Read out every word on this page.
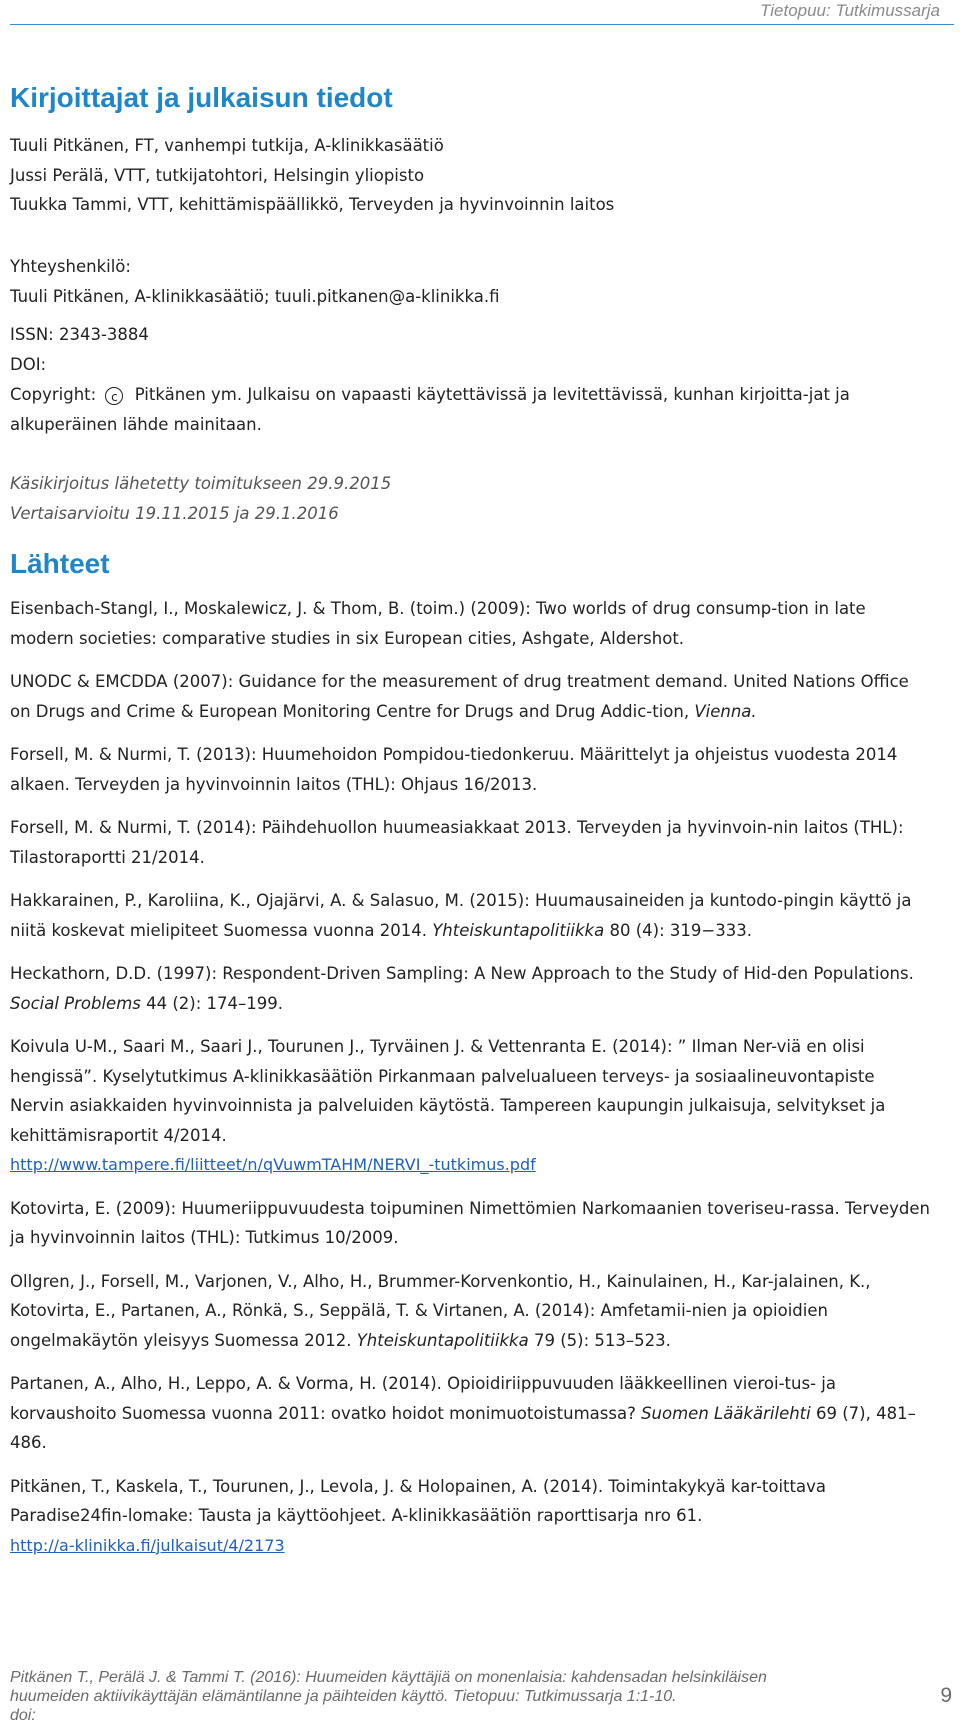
Tietopuu: Tutkimussarja
Kirjoittajat ja julkaisun tiedot
Tuuli Pitkänen, FT, vanhempi tutkija, A-klinikkasäätiö
Jussi Perälä, VTT, tutkijatohtori, Helsingin yliopisto
Tuukka Tammi, VTT, kehittämispäällikkö, Terveyden ja hyvinvoinnin laitos
Yhteyshenkilö:
Tuuli Pitkänen, A-klinikkasäätiö; tuuli.pitkanen@a-klinikka.fi
ISSN: 2343-3884
DOI:
Copyright: c Pitkänen ym. Julkaisu on vapaasti käytettävissä ja levitettävissä, kunhan kirjoitta-jat ja alkuperäinen lähde mainitaan.
Käsikirjoitus lähetetty toimitukseen 29.9.2015
Vertaisarvioitu 19.11.2015 ja 29.1.2016
Lähteet
Eisenbach-Stangl, I., Moskalewicz, J. & Thom, B. (toim.) (2009): Two worlds of drug consump-tion in late modern societies: comparative studies in six European cities, Ashgate, Aldershot.
UNODC & EMCDDA (2007): Guidance for the measurement of drug treatment demand. United Nations Office on Drugs and Crime & European Monitoring Centre for Drugs and Drug Addic-tion, Vienna.
Forsell, M. & Nurmi, T. (2013): Huumehoidon Pompidou-tiedonkeruu. Määrittelyt ja ohjeistus vuodesta 2014 alkaen. Terveyden ja hyvinvoinnin laitos (THL): Ohjaus 16/2013.
Forsell, M. & Nurmi, T. (2014): Päihdehuollon huumeasiakkaat 2013. Terveyden ja hyvinvoin-nin laitos (THL): Tilastoraportti 21/2014.
Hakkarainen, P., Karoliina, K., Ojajärvi, A. & Salasuo, M. (2015): Huumausaineiden ja kuntodo-pingin käyttö ja niitä koskevat mielipiteet Suomessa vuonna 2014. Yhteiskuntapolitiikka 80 (4): 319−333.
Heckathorn, D.D. (1997): Respondent-Driven Sampling: A New Approach to the Study of Hid-den Populations. Social Problems 44 (2): 174–199.
Koivula U-M., Saari M., Saari J., Tourunen J., Tyrväinen J. & Vettenranta E. (2014): ” Ilman Ner-viä en olisi hengissä”. Kyselytutkimus A-klinikkasäätiön Pirkanmaan palvelualueen terveys- ja sosiaalineuvontapiste Nervin asiakkaiden hyvinvoinnista ja palveluiden käytöstä. Tampereen kaupungin julkaisuja, selvitykset ja kehittämisraportit 4/2014.
http://www.tampere.fi/liitteet/n/qVuwmTAHM/NERVI_-tutkimus.pdf
Kotovirta, E. (2009): Huumeriippuvuudesta toipuminen Nimettömien Narkomaanien toveriseu-rassa. Terveyden ja hyvinvoinnin laitos (THL): Tutkimus 10/2009.
Ollgren, J., Forsell, M., Varjonen, V., Alho, H., Brummer-Korvenkontio, H., Kainulainen, H., Kar-jalainen, K., Kotovirta, E., Partanen, A., Rönkä, S., Seppälä, T. & Virtanen, A. (2014): Amfetamii-nien ja opioidien ongelmakäytön yleisyys Suomessa 2012. Yhteiskuntapolitiikka 79 (5): 513–523.
Partanen, A., Alho, H., Leppo, A. & Vorma, H. (2014). Opioidiriippuvuuden lääkkeellinen vieroi-tus- ja korvaushoito Suomessa vuonna 2011: ovatko hoidot monimuotoistumassa? Suomen Lääkärilehti 69 (7), 481–486.
Pitkänen, T., Kaskela, T., Tourunen, J., Levola, J. & Holopainen, A. (2014). Toimintakykyä kar-toittava Paradise24fin-lomake: Tausta ja käyttöohjeet. A-klinikkasäätiön raporttisarja nro 61.
http://a-klinikka.fi/julkaisut/4/2173
Pitkänen T., Perälä J. & Tammi T. (2016): Huumeiden käyttäjiä on monenlaisia: kahdensadan helsinkiläisen
huumeiden aktiivikäyttäjän elämäntilanne ja päihteiden käyttö. Tietopuu: Tutkimussarja 1:1-10.
doi:
9
